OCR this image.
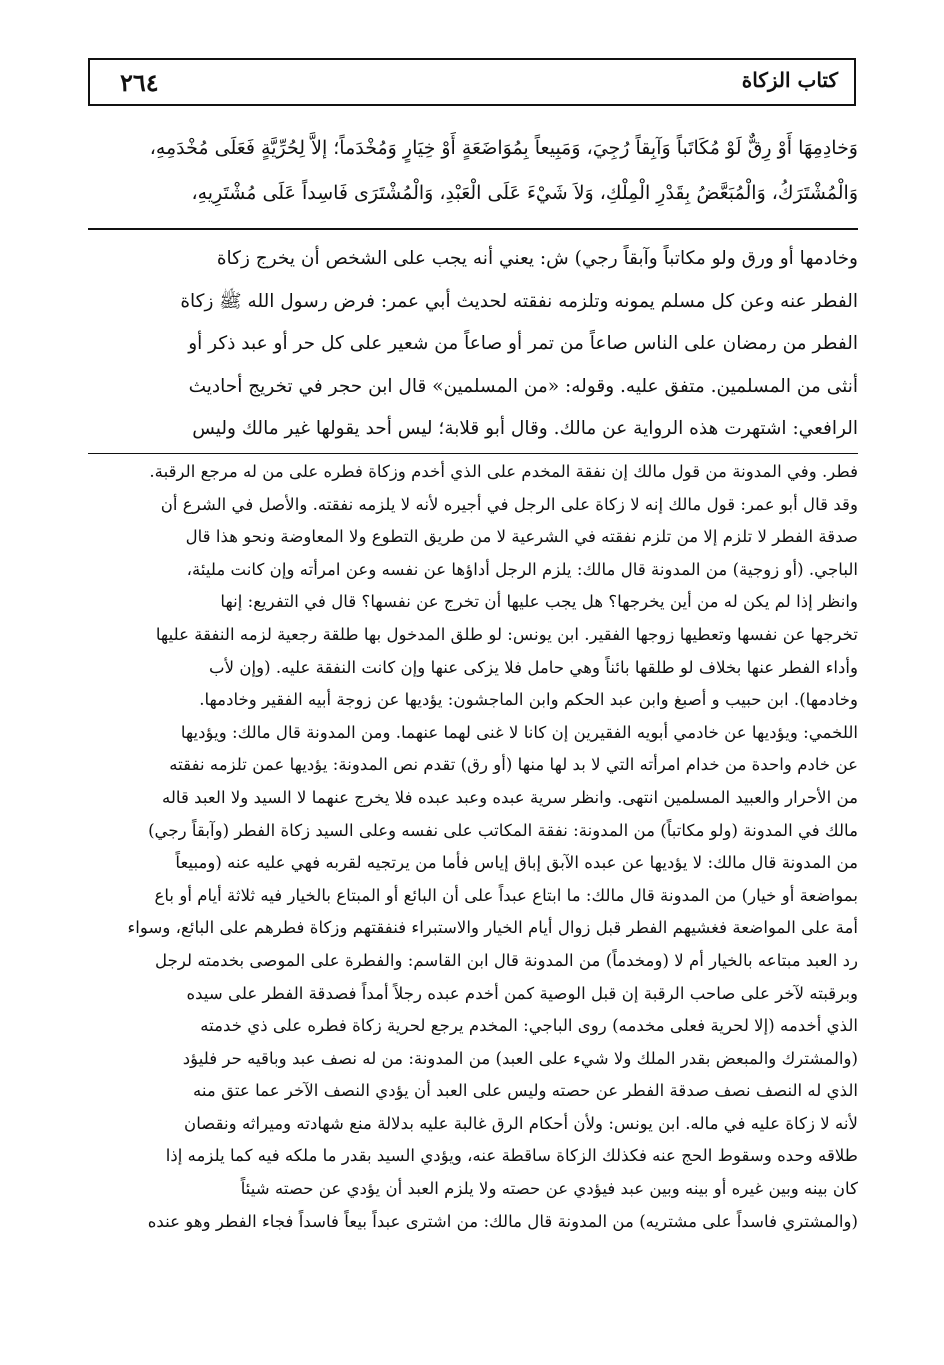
كتاب الزكاة
٢٦٤
وَخادِمِهَا أَوْ رِقٌّ لَوْ مُكَاتَباً وَآبِقاً رُجِيَ، وَمَبِيعاً بِمُوَاضَعَةٍ أَوْ خِيَارٍ وَمُخْدَماً؛ إلاَّ لِحُرِّيَّةٍ فَعَلَى مُخْدَمِهِ،
وَالْمُشْتَرَكُ، وَالْمُبَعَّضُ بِقَدْرِ الْمِلْكِ، وَلاَ شَيْءَ عَلَى الْعَبْدِ، وَالْمُشْتَرَى فَاسِداً عَلَى مُشْتَرِيهِ،
وخادمها أو ورق ولو مكاتباً وآبقاً رجي) ش: يعني أنه يجب على الشخص أن يخرج زكاة
الفطر عنه وعن كل مسلم يمونه وتلزمه نفقته لحديث أبي عمر: فرض رسول الله ﷺ زكاة
الفطر من رمضان على الناس صاعاً من تمر أو صاعاً من شعير على كل حر أو عبد ذكر أو
أنثى من المسلمين. متفق عليه. وقوله: «من المسلمين» قال ابن حجر في تخريج أحاديث
الرافعي: اشتهرت هذه الرواية عن مالك. وقال أبو قلابة؛ ليس أحد يقولها غير مالك وليس
فطر. وفي المدونة من قول مالك إن نفقة المخدم على الذي أخدم وزكاة فطره على من له مرجع الرقبة.
وقد قال أبو عمر: قول مالك إنه لا زكاة على الرجل في أجيره لأنه لا يلزمه نفقته. والأصل في الشرع أن
صدقة الفطر لا تلزم إلا من تلزم نفقته في الشرعية لا من طريق التطوع ولا المعاوضة ونحو هذا قال
الباجي. (أو زوجية) من المدونة قال مالك: يلزم الرجل أداؤها عن نفسه وعن امرأته وإن كانت مليئة،
وانظر إذا لم يكن له من أين يخرجها؟ هل يجب عليها أن تخرج عن نفسها؟ قال في التفريع: إنها
تخرجها عن نفسها وتعطيها زوجها الفقير. ابن يونس: لو طلق المدخول بها طلقة رجعية لزمه النفقة عليها
وأداء الفطر عنها بخلاف لو طلقها بائناً وهي حامل فلا يزكى عنها وإن كانت النفقة عليه. (وإن لأب
وخادمها). ابن حبيب و أصبغ وابن عبد الحكم وابن الماجشون: يؤديها عن زوجة أبيه الفقير وخادمها.
اللخمي: ويؤديها عن خادمي أبويه الفقيرين إن كانا لا غنى لهما عنهما. ومن المدونة قال مالك: ويؤديها
عن خادم واحدة من خدام امرأته التي لا بد لها منها (أو رق) تقدم نص المدونة: يؤديها عمن تلزمه نفقته
من الأحرار والعبيد المسلمين انتهى. وانظر سرية عبده وعبد عبده فلا يخرج عنهما لا السيد ولا العبد قاله
مالك في المدونة (ولو مكاتباً) من المدونة: نفقة المكاتب على نفسه وعلى السيد زكاة الفطر (وآبقاً رجي)
من المدونة قال مالك: لا يؤديها عن عبده الآبق إباق إياس فأما من يرتجيه لقربه فهي عليه عنه (ومبيعاً
بمواضعة أو خيار) من المدونة قال مالك: ما ابتاع عبداً على أن البائع أو المبتاع بالخيار فيه ثلاثة أيام أو باع
أمة على المواضعة فغشيهم الفطر قبل زوال أيام الخيار والاستبراء فنفقتهم وزكاة فطرهم على البائع، وسواء
رد العبد مبتاعه بالخيار أم لا (ومخدماً) من المدونة قال ابن القاسم: والفطرة على الموصى بخدمته لرجل
وبرقبته لآخر على صاحب الرقبة إن قبل الوصية كمن أخدم عبده رجلاً أمداً فصدقة الفطر على سيده
الذي أخدمه (إلا لحرية فعلى مخدمه) روى الباجي: المخدم يرجع لحرية زكاة فطره على ذي خدمته
(والمشترك والمبعض بقدر الملك ولا شيء على العبد) من المدونة: من له نصف عبد وباقيه حر فليؤد
الذي له النصف نصف صدقة الفطر عن حصته وليس على العبد أن يؤدي النصف الآخر عما عتق منه
لأنه لا زكاة عليه في ماله. ابن يونس: ولأن أحكام الرق غالبة عليه بدلالة منع شهادته وميراثه ونقصان
طلاقه وحده وسقوط الحج عنه فكذلك الزكاة ساقطة عنه، ويؤدي السيد بقدر ما ملكه فيه كما يلزمه إذا
كان بينه وبين غيره أو بينه وبين عبد فيؤدي عن حصته ولا يلزم العبد أن يؤدي عن حصته شيئاً
(والمشتري فاسداً على مشتريه) من المدونة قال مالك: من اشترى عبداً بيعاً فاسداً فجاء الفطر وهو عنده
